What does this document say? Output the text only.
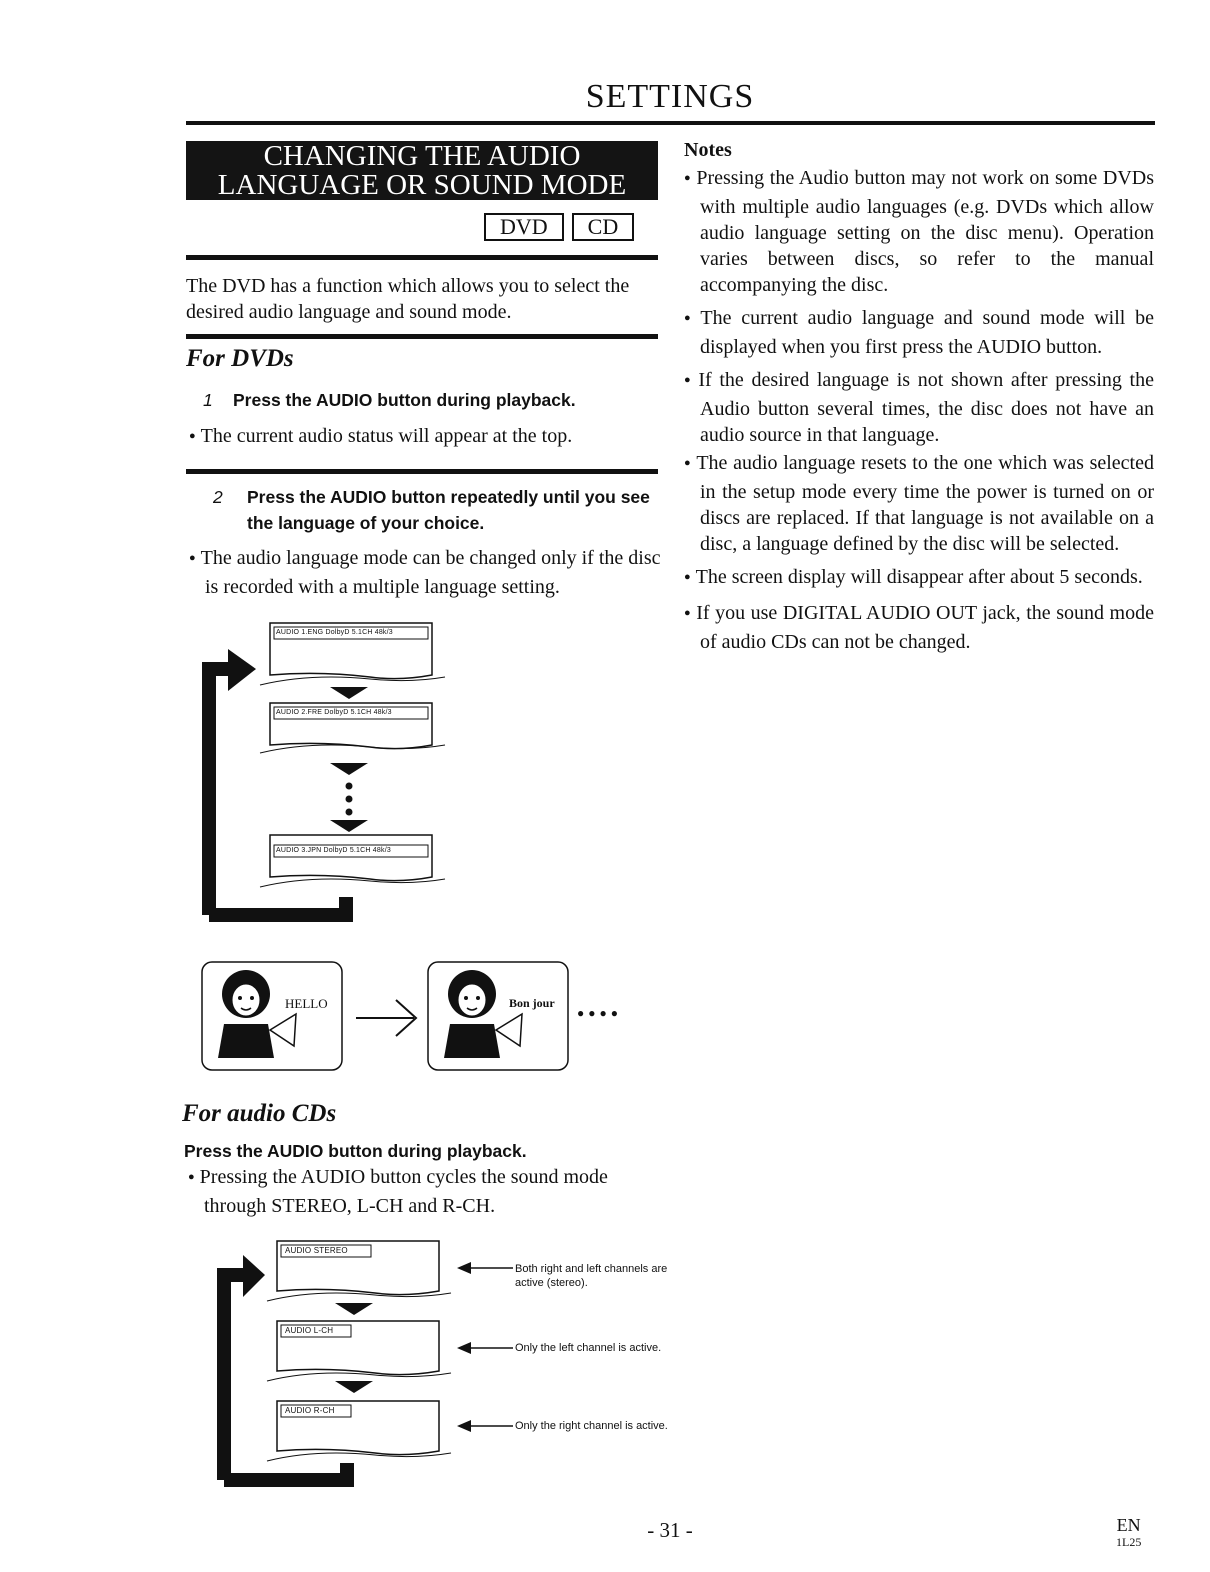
SETTINGS
CHANGING THE AUDIO
LANGUAGE OR SOUND MODE
DVD	CD
The DVD has a function which allows you to select the desired audio language and sound mode.
For DVDs
1 Press the AUDIO button during playback.
● The current audio status will appear at the top.
2	Press the AUDIO button repeatedly until you see the language of your choice.
● The audio language mode can be changed only if the disc is recorded with a multiple language setting.
AUDIO 1.ENG DolbyD 5.1CH 48k/3
AUDIO 2.FRE DolbyD 5.1CH 48k/3
AUDIO 3.JPN DolbyD 5.1CH 48k/3
HELLO	Bon jour
●●●●
For audio CDs
Press the AUDIO button during playback.
● Pressing the AUDIO button cycles the sound mode through STEREO, L-CH and R-CH.
AUDIO STEREO
AUDIO L-CH
AUDIO R-CH
Both right and left channels are active (stereo).
Only the left channel is active.
Only the right channel is active.
Notes
● Pressing the Audio button may not work on some DVDs with multiple audio languages (e.g. DVDs which allow audio language setting on the disc menu). Operation varies between discs, so refer to the manual accompanying the disc.
● The current audio language and sound mode will be displayed when you first press the AUDIO button.
● If the desired language is not shown after pressing the Audio button several times, the disc does not have an audio source in that language.
● The audio language resets to the one which was selected in the setup mode every time the power is turned on or discs are replaced. If that language is not available on a disc, a language defined by the disc will be selected.
● The screen display will disappear after about 5 seconds.
● If you use DIGITAL AUDIO OUT jack, the sound mode of audio CDs can not be changed.
- 31 -	EN
1L25
